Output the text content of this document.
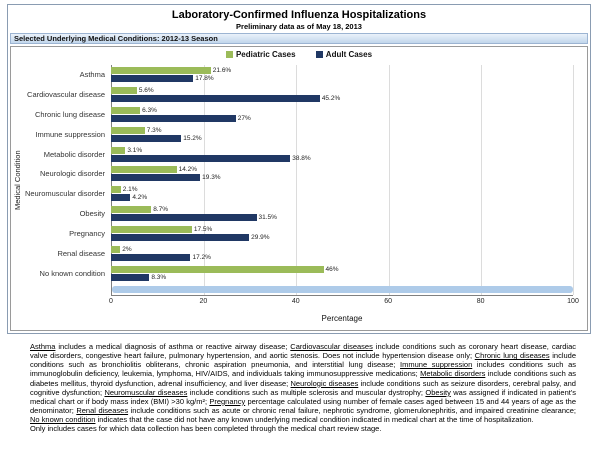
Laboratory-Confirmed Influenza Hospitalizations
Preliminary data as of May 18, 2013
Selected Underlying Medical Conditions: 2012-13 Season
Pediatric Cases	Adult Cases
Medical Condition
Asthma	21.6%
17.8%
Cardiovascular disease	5.6%
45.2%
Chronic lung disease	6.3%
27%
Immune suppression	7.3%
15.2%
Metabolic disorder	3.1%
38.8%
Neurologic disorder	14.2%
19.3%
Neuromuscular disorder	2.1%
4.2%
Obesity	8.7%
31.5%
Pregnancy	17.5%
29.9%
Renal disease	2%
17.2%
No known condition	46%
8.3%
0	20	40	60	80	100
Percentage

Asthma includes a medical diagnosis of asthma or reactive airway disease; Cardiovascular diseases include conditions such as coronary heart disease, cardiac valve disorders, congestive heart failure, pulmonary hypertension, and aortic stenosis. Does not include hypertension disease only; Chronic lung diseases include conditions such as bronchiolitis obliterans, chronic aspiration pneumonia, and interstitial lung disease; Immune suppression includes conditions such as immunoglobulin deficiency, leukemia, lymphoma, HIV/AIDS, and individuals taking immunosuppressive medications; Metabolic disorders include conditions such as diabetes mellitus, thyroid dysfunction, adrenal insufficiency, and liver disease; Neurologic diseases include conditions such as seizure disorders, cerebral palsy, and cognitive dysfunction; Neuromuscular diseases include conditions such as multiple sclerosis and muscular dystrophy; Obesity was assigned if indicated in patient's medical chart or if body mass index (BMI) >30 kg/m²; Pregnancy percentage calculated using number of female cases aged between 15 and 44 years of age as the denominator; Renal diseases include conditions such as acute or chronic renal failure, nephrotic syndrome, glomerulonephritis, and impaired creatinine clearance; No known condition indicates that the case did not have any known underlying medical condition indicated in medical chart at the time of hospitalization.

Only includes cases for which data collection has been completed through the medical chart review stage.
